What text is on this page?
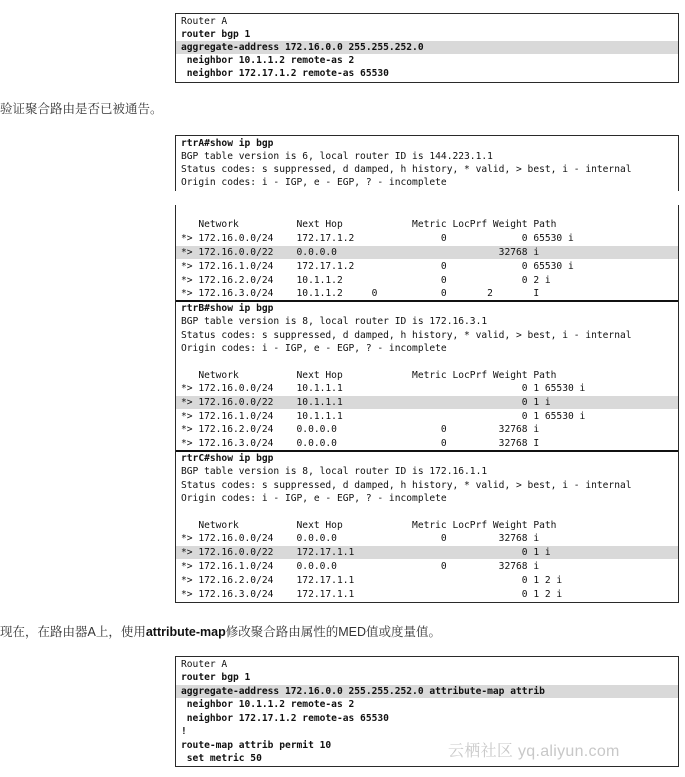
Router A
router bgp 1
aggregate-address 172.16.0.0 255.255.252.0
neighbor 10.1.1.2 remote-as 2
neighbor 172.17.1.2 remote-as 65530
验证聚合路由是否已被通告。
rtrA#show ip bgp
BGP table version is 6, local router ID is 144.223.1.1
Status codes: s suppressed, d damped, h history, * valid, > best, i - internal
Origin codes: i - IGP, e - EGP, ? - incomplete
Network          Next Hop            Metric LocPrf Weight Path
*> 172.16.0.0/24    172.17.1.2               0             0 65530 i
*> 172.16.0.0/22    0.0.0.0                            32768 i
*> 172.16.1.0/24    172.17.1.2               0             0 65530 i
*> 172.16.2.0/24    10.1.1.2                 0             0 2 i
*> 172.16.3.0/24    10.1.1.2     0           0       2       I
rtrB#show ip bgp
BGP table version is 8, local router ID is 172.16.3.1
Status codes: s suppressed, d damped, h history, * valid, > best, i - internal
Origin codes: i - IGP, e - EGP, ? - incomplete
Network          Next Hop            Metric LocPrf Weight Path
*> 172.16.0.0/24    10.1.1.1                               0 1 65530 i
*> 172.16.0.0/22    10.1.1.1                               0 1 i
*> 172.16.1.0/24    10.1.1.1                               0 1 65530 i
*> 172.16.2.0/24    0.0.0.0                  0         32768 i
*> 172.16.3.0/24    0.0.0.0                  0         32768 I
rtrC#show ip bgp
BGP table version is 8, local router ID is 172.16.1.1
Status codes: s suppressed, d damped, h history, * valid, > best, i - internal
Origin codes: i - IGP, e - EGP, ? - incomplete
Network          Next Hop            Metric LocPrf Weight Path
*> 172.16.0.0/24    0.0.0.0                  0         32768 i
*> 172.16.0.0/22    172.17.1.1                             0 1 i
*> 172.16.1.0/24    0.0.0.0                  0         32768 i
*> 172.16.2.0/24    172.17.1.1                             0 1 2 i
*> 172.16.3.0/24    172.17.1.1                             0 1 2 i
现在，在路由器A上，使用attribute-map修改聚合路由属性的MED值或度量值。
Router A
router bgp 1
aggregate-address 172.16.0.0 255.255.252.0 attribute-map attrib
neighbor 10.1.1.2 remote-as 2
neighbor 172.17.1.2 remote-as 65530
!
route-map attrib permit 10
set metric 50	云栖社区 yq.aliyun.com
